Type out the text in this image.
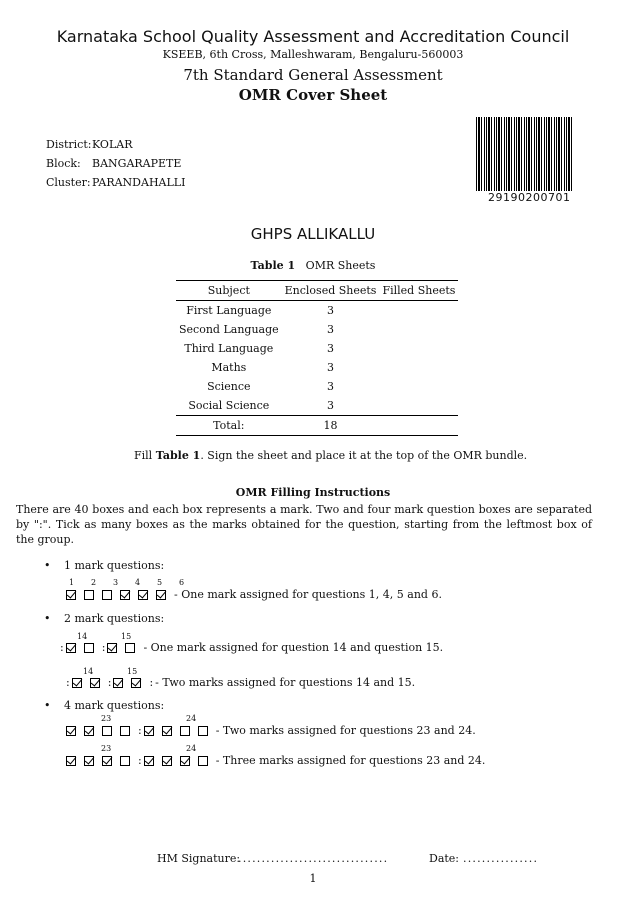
Karnataka School Quality Assessment and Accreditation Council
KSEEB, 6th Cross, Malleshwaram, Bengaluru-560003
7th Standard General Assessment
OMR Cover Sheet
District: KOLAR
Block: BANGARAPETE
Cluster: PARANDAHALLI
29190200701
GHPS ALLIKALLU
Table 1 OMR Sheets
Subject	Enclosed Sheets	Filled Sheets
First Language	3	
Second Language	3	
Third Language	3	
Maths	3	
Science	3	
Social Science	3	
Total:	18	
Fill Table 1. Sign the sheet and place it at the top of the OMR bundle.
OMR Filling Instructions
There are 40 boxes and each box represents a mark. Two and four mark question boxes are separated by ":". Tick as many boxes as the marks obtained for the question, starting from the leftmost box of the group.
• 1 mark questions:
1 2 3 4 5 6
- One mark assigned for questions 1, 4, 5 and 6.
• 2 mark questions:
14	15
:	:	- One mark assigned for question 14 and question 15.
14	15
:	:	: - Two marks assigned for questions 14 and 15.
• 4 mark questions:
23	24
:	- Two marks assigned for questions 23 and 24.
23	24
:	- Three marks assigned for questions 23 and 24.
HM Signature:
................................	Date: ................
1
